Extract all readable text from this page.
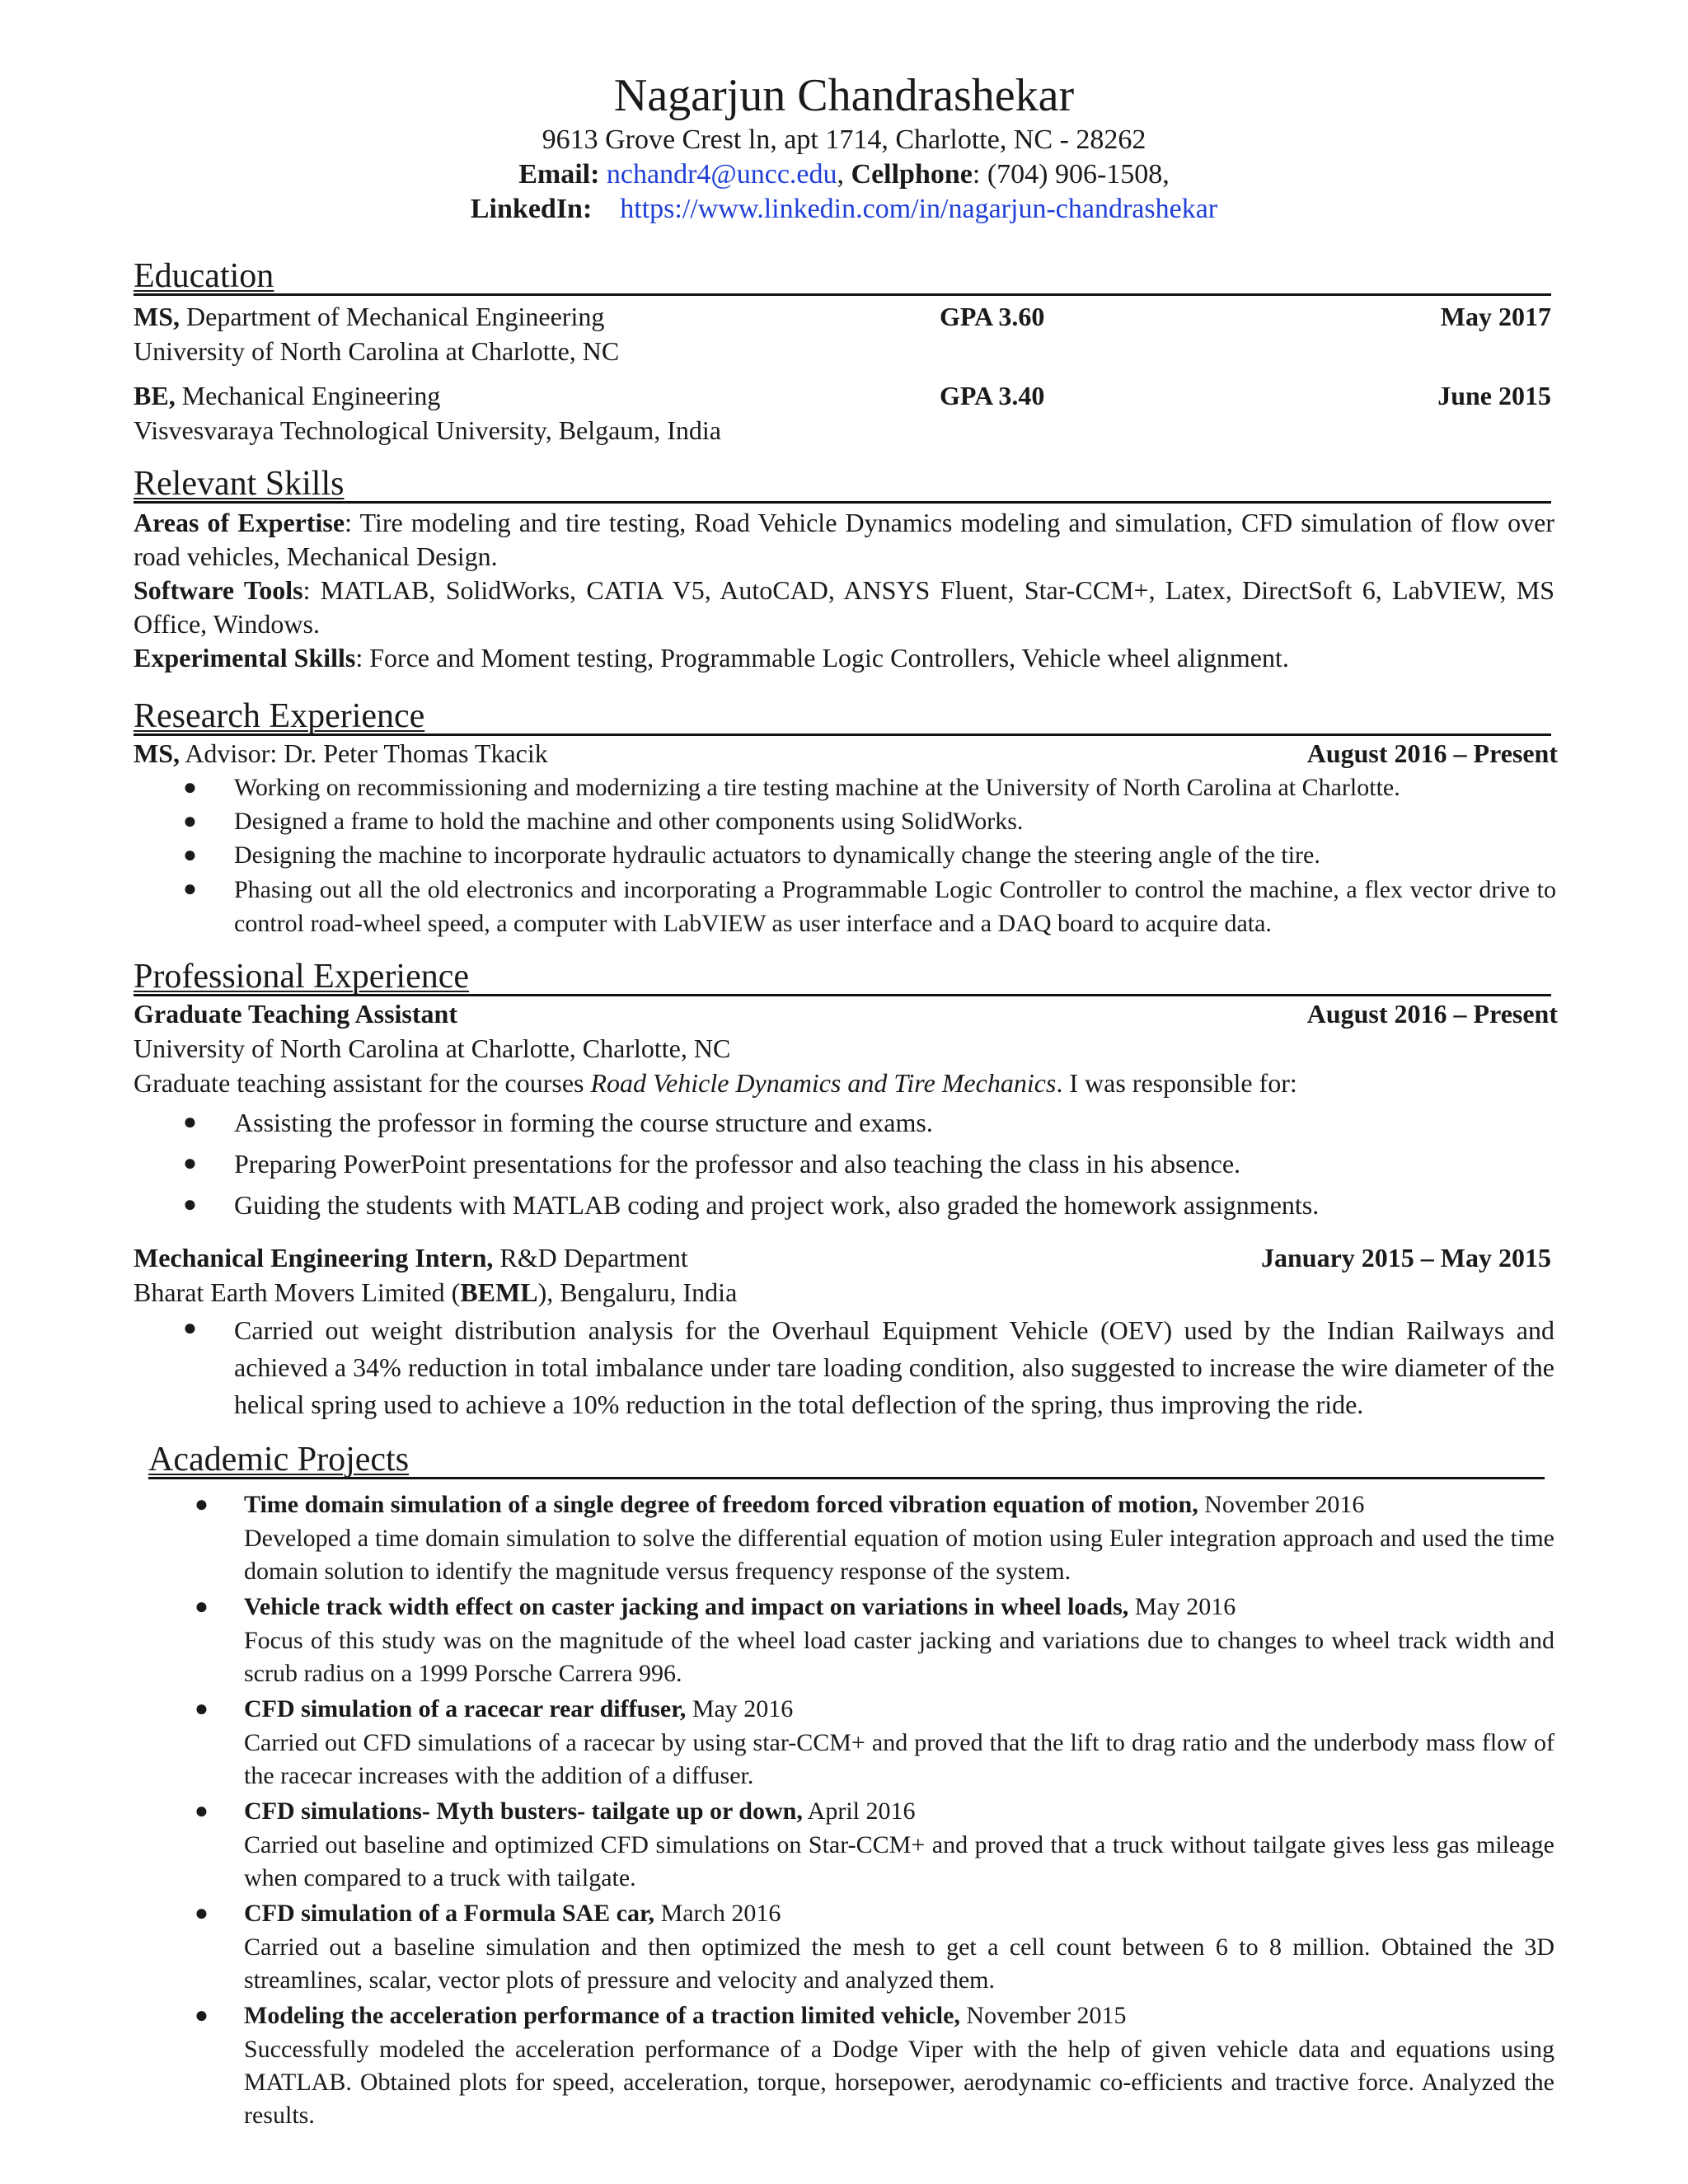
Nagarjun Chandrashekar
9613 Grove Crest ln, apt 1714, Charlotte, NC - 28262
Email: nchandr4@uncc.edu, Cellphone: (704) 906-1508,
LinkedIn: https://www.linkedin.com/in/nagarjun-chandrashekar
Education
MS, Department of Mechanical Engineering	GPA 3.60	May 2017
University of North Carolina at Charlotte, NC
BE, Mechanical Engineering	GPA 3.40	June 2015
Visvesvaraya Technological University, Belgaum, India
Relevant Skills
Areas of Expertise: Tire modeling and tire testing, Road Vehicle Dynamics modeling and simulation, CFD simulation of flow over road vehicles, Mechanical Design.
Software Tools: MATLAB, SolidWorks, CATIA V5, AutoCAD, ANSYS Fluent, Star-CCM+, Latex, DirectSoft 6, LabVIEW, MS Office, Windows.
Experimental Skills: Force and Moment testing, Programmable Logic Controllers, Vehicle wheel alignment.
Research Experience
MS, Advisor: Dr. Peter Thomas Tkacik	August 2016 – Present
● Working on recommissioning and modernizing a tire testing machine at the University of North Carolina at Charlotte.
● Designed a frame to hold the machine and other components using SolidWorks.
● Designing the machine to incorporate hydraulic actuators to dynamically change the steering angle of the tire.
● Phasing out all the old electronics and incorporating a Programmable Logic Controller to control the machine, a flex vector drive to control road-wheel speed, a computer with LabVIEW as user interface and a DAQ board to acquire data.
Professional Experience
Graduate Teaching Assistant	August 2016 – Present
University of North Carolina at Charlotte, Charlotte, NC
Graduate teaching assistant for the courses Road Vehicle Dynamics and Tire Mechanics. I was responsible for:
● Assisting the professor in forming the course structure and exams.
● Preparing PowerPoint presentations for the professor and also teaching the class in his absence.
● Guiding the students with MATLAB coding and project work, also graded the homework assignments.
Mechanical Engineering Intern, R&D Department	January 2015 – May 2015
Bharat Earth Movers Limited (BEML), Bengaluru, India
● Carried out weight distribution analysis for the Overhaul Equipment Vehicle (OEV) used by the Indian Railways and achieved a 34% reduction in total imbalance under tare loading condition, also suggested to increase the wire diameter of the helical spring used to achieve a 10% reduction in the total deflection of the spring, thus improving the ride.
Academic Projects
● Time domain simulation of a single degree of freedom forced vibration equation of motion, November 2016
Developed a time domain simulation to solve the differential equation of motion using Euler integration approach and used the time domain solution to identify the magnitude versus frequency response of the system.
● Vehicle track width effect on caster jacking and impact on variations in wheel loads, May 2016
Focus of this study was on the magnitude of the wheel load caster jacking and variations due to changes to wheel track width and scrub radius on a 1999 Porsche Carrera 996.
● CFD simulation of a racecar rear diffuser, May 2016
Carried out CFD simulations of a racecar by using star-CCM+ and proved that the lift to drag ratio and the underbody mass flow of the racecar increases with the addition of a diffuser.
● CFD simulations- Myth busters- tailgate up or down, April 2016
Carried out baseline and optimized CFD simulations on Star-CCM+ and proved that a truck without tailgate gives less gas mileage when compared to a truck with tailgate.
● CFD simulation of a Formula SAE car, March 2016
Carried out a baseline simulation and then optimized the mesh to get a cell count between 6 to 8 million. Obtained the 3D streamlines, scalar, vector plots of pressure and velocity and analyzed them.
● Modeling the acceleration performance of a traction limited vehicle, November 2015
Successfully modeled the acceleration performance of a Dodge Viper with the help of given vehicle data and equations using MATLAB. Obtained plots for speed, acceleration, torque, horsepower, aerodynamic co-efficients and tractive force. Analyzed the results.
